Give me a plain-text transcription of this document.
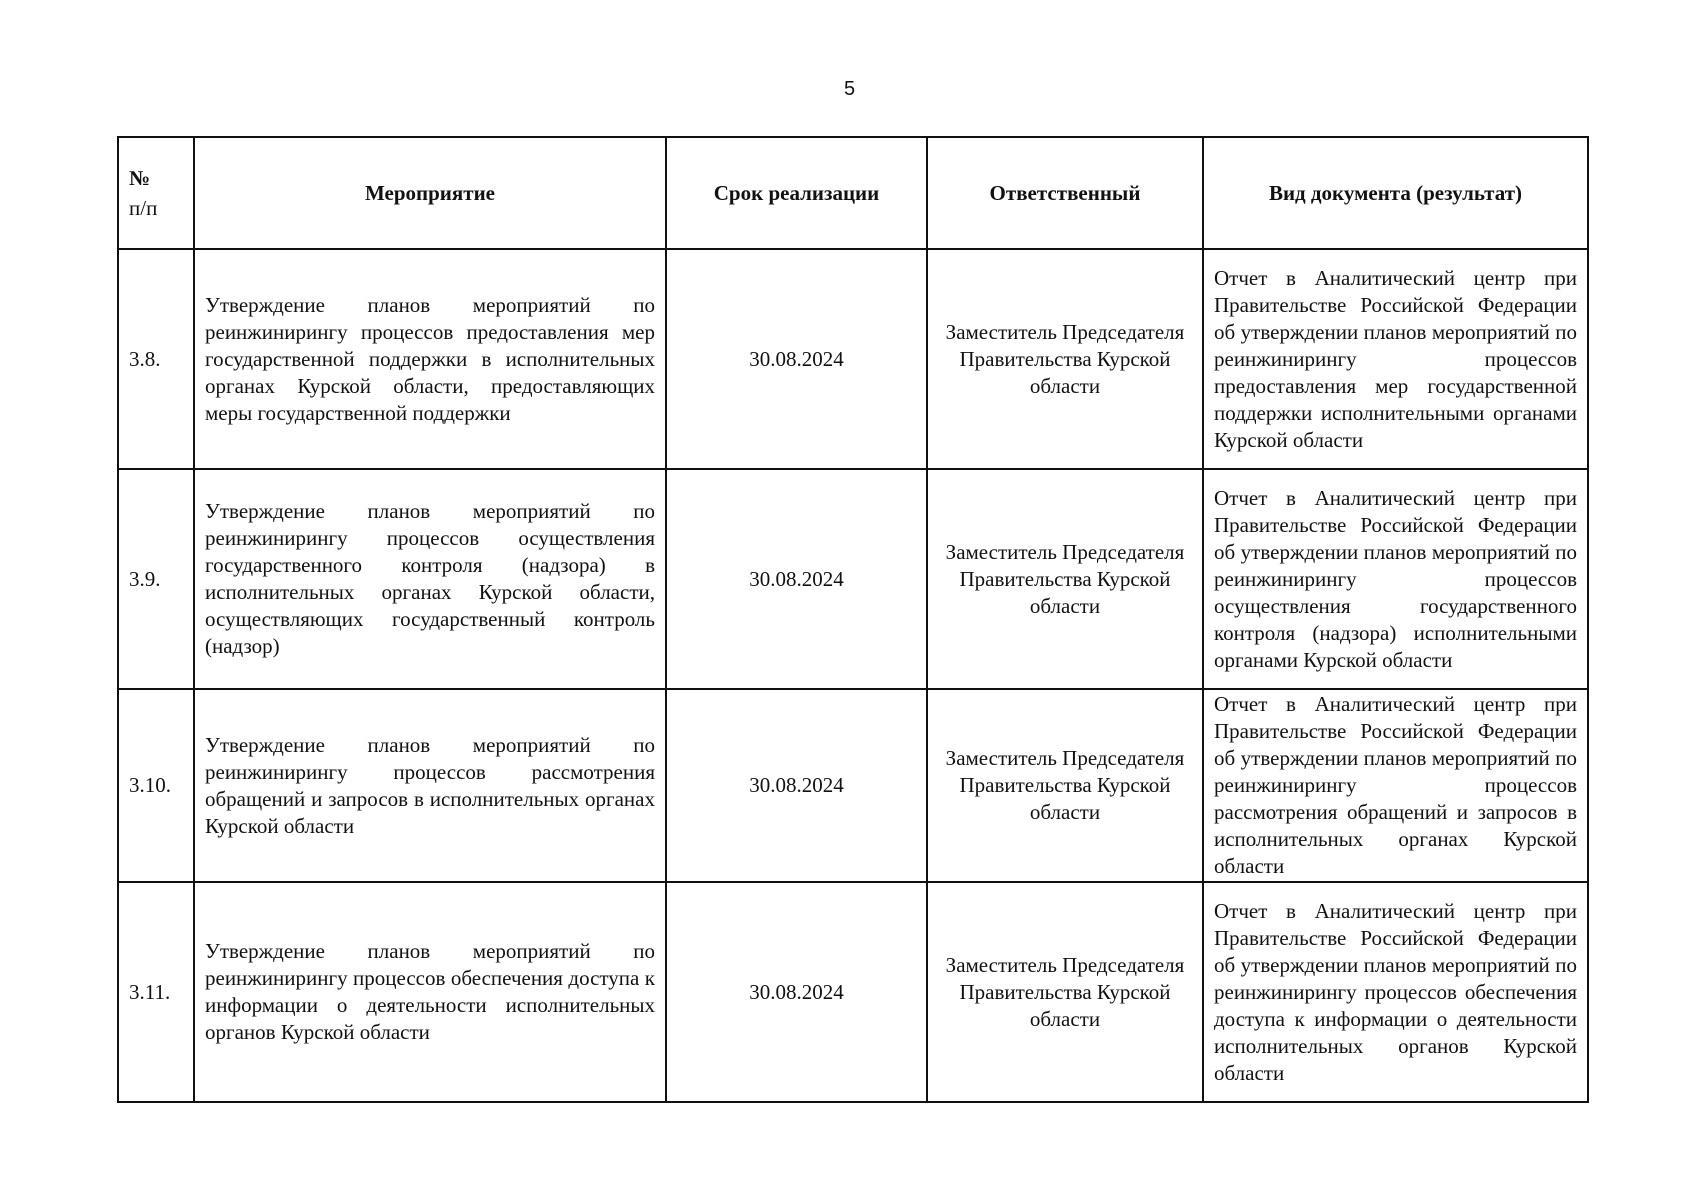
5
№
п/п	Мероприятие	Срок реализации	Ответственный	Вид документа (результат)
3.8.	Утверждение планов мероприятий по реинжинирингу процессов предоставления мер государственной поддержки в исполнительных органах Курской области, предоставляющих меры государственной поддержки	30.08.2024	Заместитель Председателя Правительства Курской области	Отчет в Аналитический центр при Правительстве Российской Федерации об утверждении планов мероприятий по реинжинирингу процессов предоставления мер государственной поддержки исполнительными органами Курской области
3.9.	Утверждение планов мероприятий по реинжинирингу процессов осуществления государственного контроля (надзора) в исполнительных органах Курской области, осуществляющих государственный контроль (надзор)	30.08.2024	Заместитель Председателя Правительства Курской области	Отчет в Аналитический центр при Правительстве Российской Федерации об утверждении планов мероприятий по реинжинирингу процессов осуществления государственного контроля (надзора) исполнительными органами Курской области
3.10.	Утверждение планов мероприятий по реинжинирингу процессов рассмотрения обращений и запросов в исполнительных органах Курской области	30.08.2024	Заместитель Председателя Правительства Курской области	Отчет в Аналитический центр при Правительстве Российской Федерации об утверждении планов мероприятий по реинжинирингу процессов рассмотрения обращений и запросов в исполнительных органах Курской области
3.11.	Утверждение планов мероприятий по реинжинирингу процессов обеспечения доступа к информации о деятельности исполнительных органов Курской области	30.08.2024	Заместитель Председателя Правительства Курской области	Отчет в Аналитический центр при Правительстве Российской Федерации об утверждении планов мероприятий по реинжинирингу процессов обеспечения доступа к информации о деятельности исполнительных органов Курской области
